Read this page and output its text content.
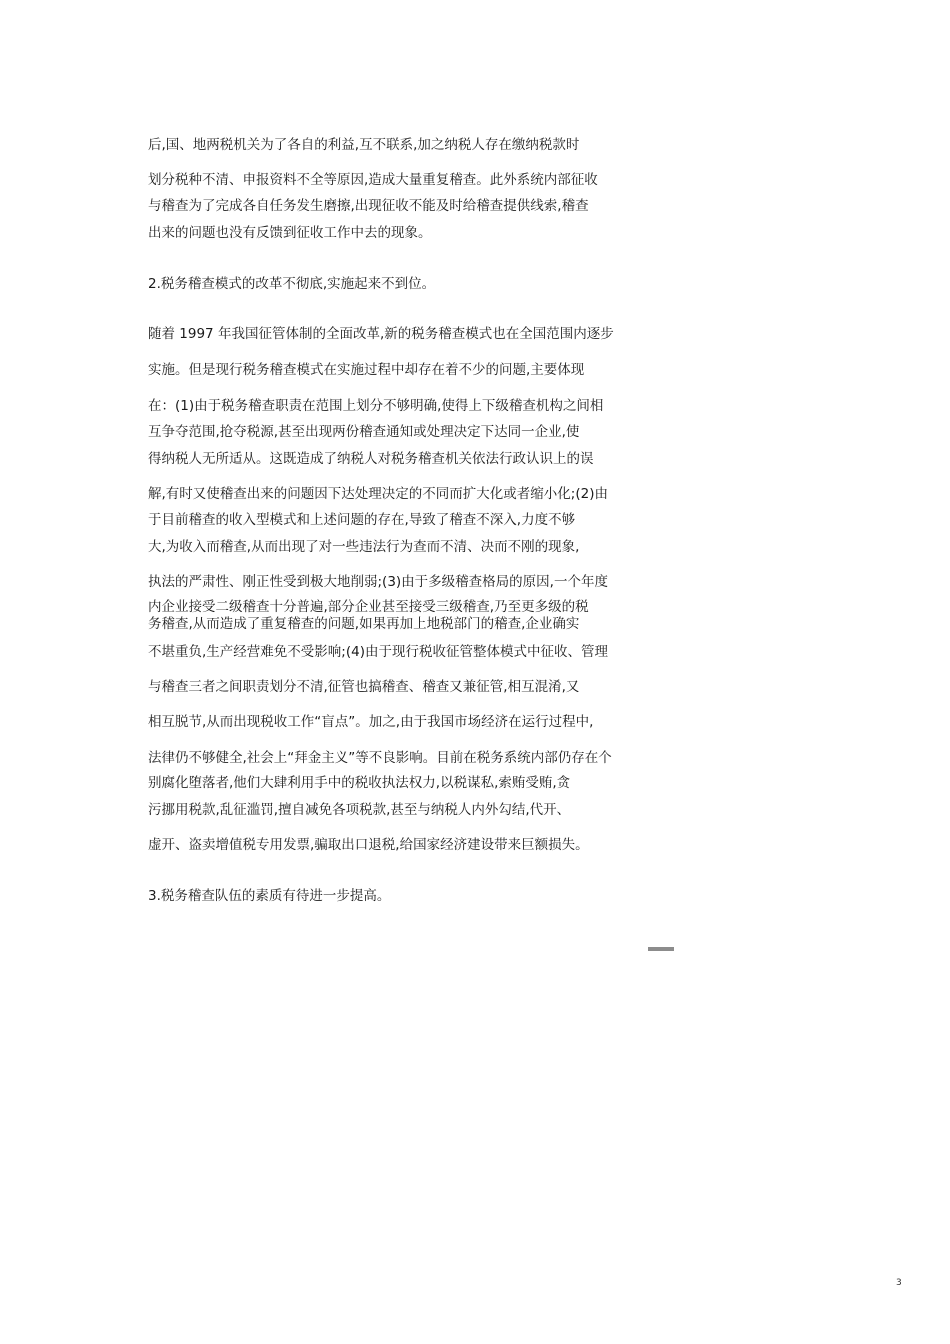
后,国、地两税机关为了各自的利益,互不联系,加之纳税人存在缴纳税款时
划分税种不清、申报资料不全等原因,造成大量重复稽查。此外系统内部征收
与稽查为了完成各自任务发生磨擦,出现征收不能及时给稽查提供线索,稽查
出来的问题也没有反馈到征收工作中去的现象。
2.税务稽查模式的改革不彻底,实施起来不到位。
随着 1997 年我国征管体制的全面改革,新的税务稽查模式也在全国范围内逐步
实施。但是现行税务稽查模式在实施过程中却存在着不少的问题,主要体现
在：(1)由于税务稽查职责在范围上划分不够明确,使得上下级稽查机构之间相
互争夺范围,抢夺税源,甚至出现两份稽查通知或处理决定下达同一企业,使
得纳税人无所适从。这既造成了纳税人对税务稽查机关依法行政认识上的误
解,有时又使稽查出来的问题因下达处理决定的不同而扩大化或者缩小化;(2)由
于目前稽查的收入型模式和上述问题的存在,导致了稽查不深入,力度不够
大,为收入而稽查,从而出现了对一些违法行为查而不清、决而不刚的现象,
执法的严肃性、刚正性受到极大地削弱;(3)由于多级稽查格局的原因,一个年度
内企业接受二级稽查十分普遍,部分企业甚至接受三级稽查,乃至更多级的税
务稽查,从而造成了重复稽查的问题,如果再加上地税部门的稽查,企业确实
不堪重负,生产经营难免不受影响;(4)由于现行税收征管整体模式中征收、管理
与稽查三者之间职责划分不清,征管也搞稽查、稽查又兼征管,相互混淆,又
相互脱节,从而出现税收工作“盲点”。加之,由于我国市场经济在运行过程中,
法律仍不够健全,社会上“拜金主义”等不良影响。目前在税务系统内部仍存在个
别腐化堕落者,他们大肆利用手中的税收执法权力,以税谋私,索贿受贿,贪
污挪用税款,乱征滥罚,擅自减免各项税款,甚至与纳税人内外勾结,代开、
虚开、盗卖增值税专用发票,骗取出口退税,给国家经济建设带来巨额损失。
3.税务稽查队伍的素质有待进一步提高。
3
